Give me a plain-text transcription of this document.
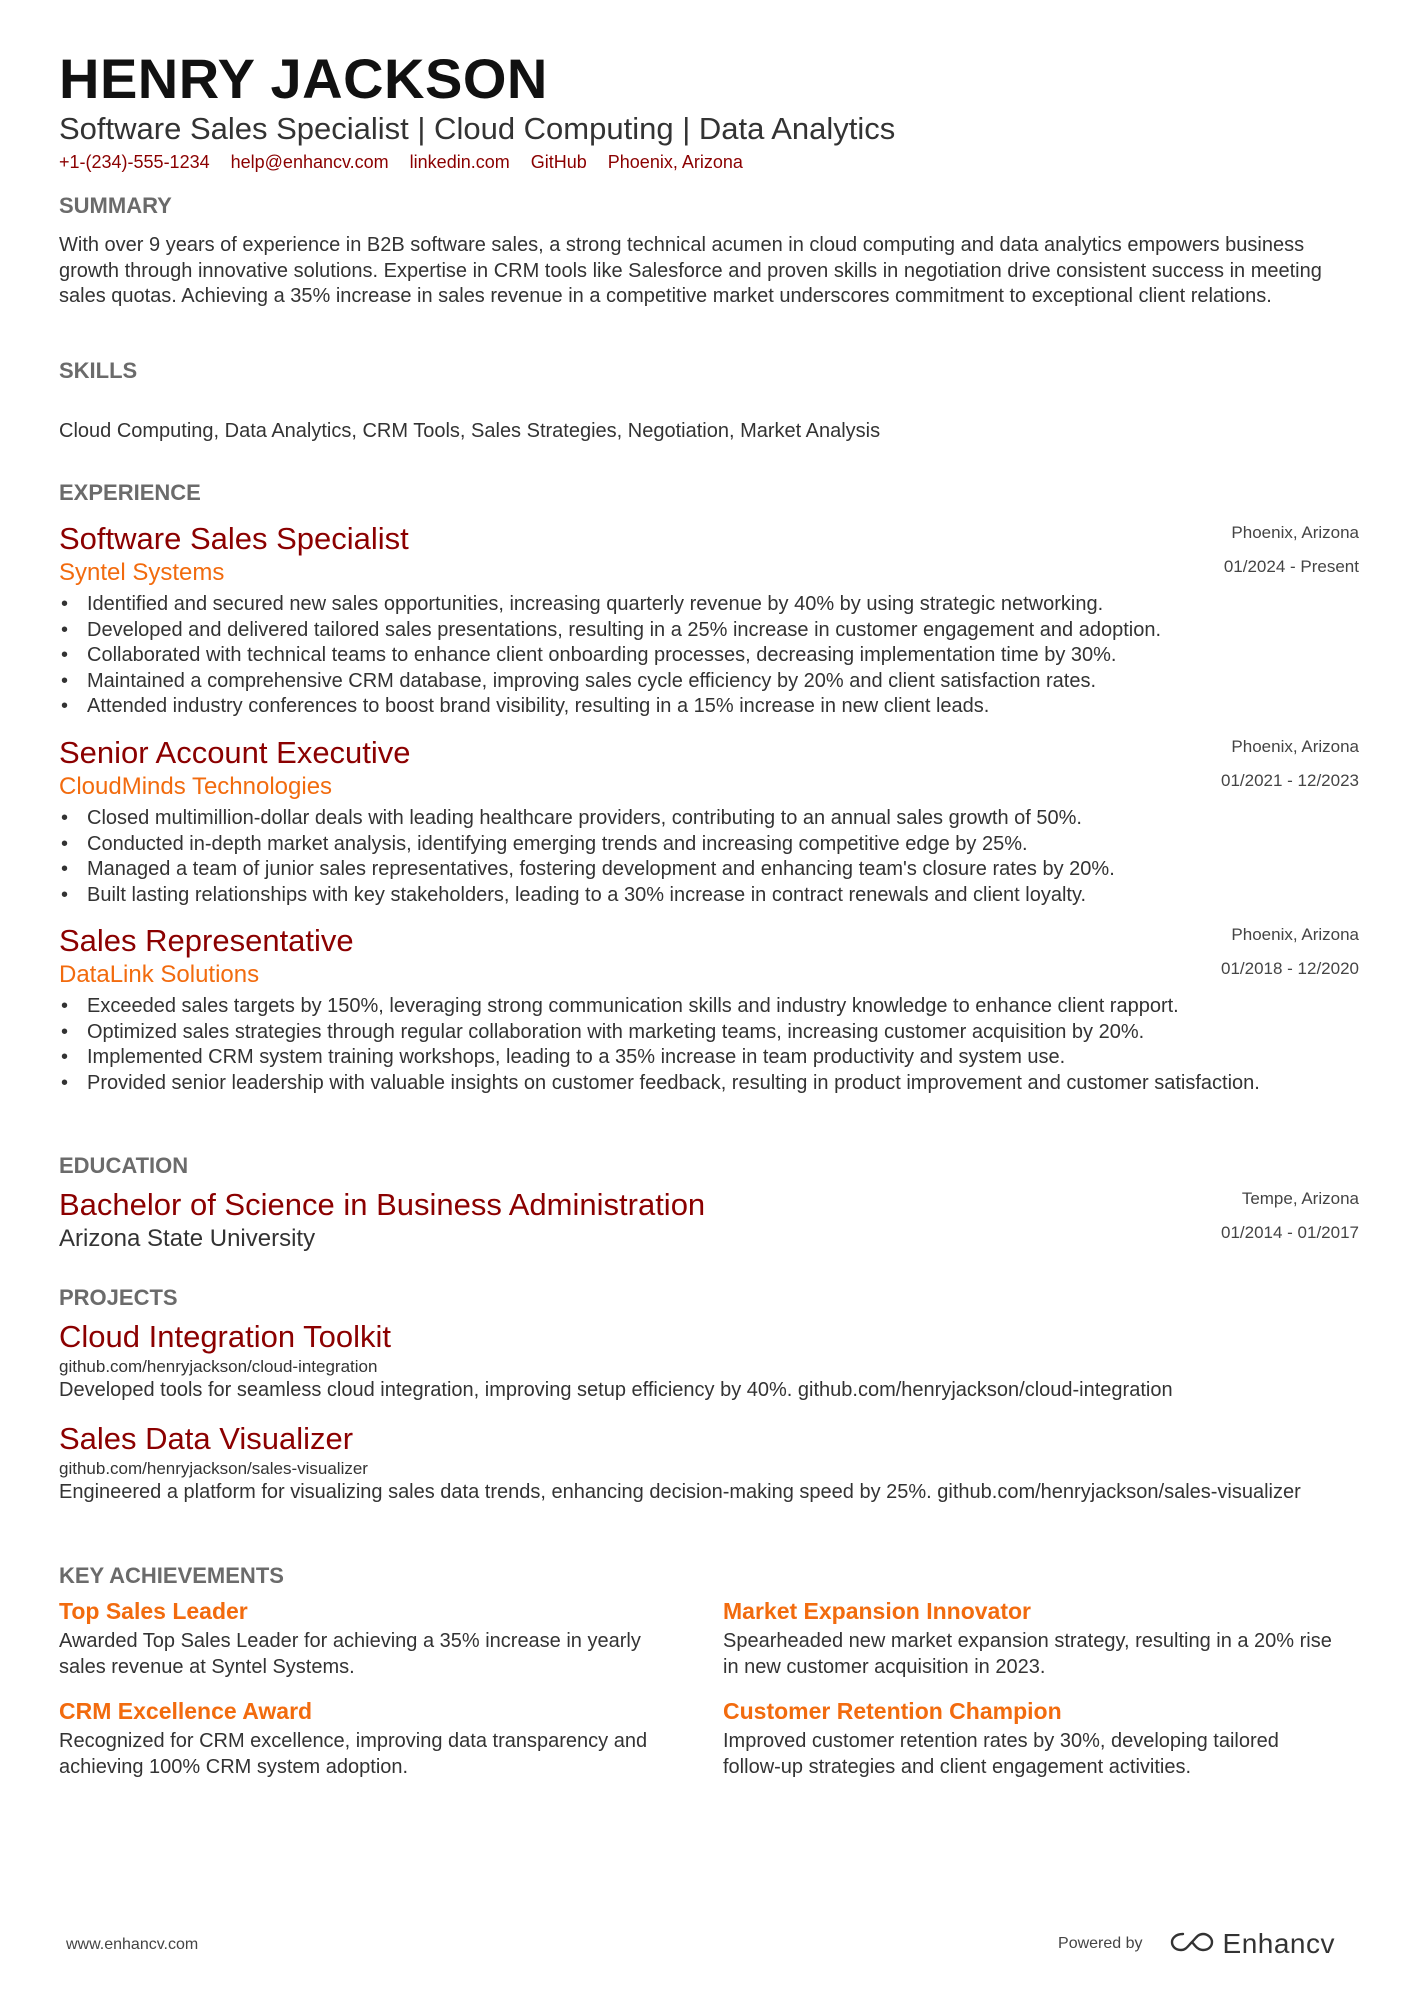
HENRY JACKSON
Software Sales Specialist | Cloud Computing | Data Analytics
+1-(234)-555-1234 help@enhancv.com linkedin.com GitHub Phoenix, Arizona
SUMMARY
With over 9 years of experience in B2B software sales, a strong technical acumen in cloud computing and data analytics empowers business growth through innovative solutions. Expertise in CRM tools like Salesforce and proven skills in negotiation drive consistent success in meeting sales quotas. Achieving a 35% increase in sales revenue in a competitive market underscores commitment to exceptional client relations.
SKILLS
Cloud Computing, Data Analytics, CRM Tools, Sales Strategies, Negotiation, Market Analysis
EXPERIENCE
Phoenix, Arizona
01/2024 - Present
Software Sales Specialist
Syntel Systems
• Identified and secured new sales opportunities, increasing quarterly revenue by 40% by using strategic networking.
• Developed and delivered tailored sales presentations, resulting in a 25% increase in customer engagement and adoption.
• Collaborated with technical teams to enhance client onboarding processes, decreasing implementation time by 30%.
• Maintained a comprehensive CRM database, improving sales cycle efficiency by 20% and client satisfaction rates.
• Attended industry conferences to boost brand visibility, resulting in a 15% increase in new client leads.
Phoenix, Arizona
01/2021 - 12/2023
Senior Account Executive
CloudMinds Technologies
• Closed multimillion-dollar deals with leading healthcare providers, contributing to an annual sales growth of 50%.
• Conducted in-depth market analysis, identifying emerging trends and increasing competitive edge by 25%.
• Managed a team of junior sales representatives, fostering development and enhancing team's closure rates by 20%.
• Built lasting relationships with key stakeholders, leading to a 30% increase in contract renewals and client loyalty.
Phoenix, Arizona
01/2018 - 12/2020
Sales Representative
DataLink Solutions
• Exceeded sales targets by 150%, leveraging strong communication skills and industry knowledge to enhance client rapport.
• Optimized sales strategies through regular collaboration with marketing teams, increasing customer acquisition by 20%.
• Implemented CRM system training workshops, leading to a 35% increase in team productivity and system use.
• Provided senior leadership with valuable insights on customer feedback, resulting in product improvement and customer satisfaction.
EDUCATION
Tempe, Arizona
01/2014 - 01/2017
Bachelor of Science in Business Administration
Arizona State University
PROJECTS
Cloud Integration Toolkit
github.com/henryjackson/cloud-integration
Developed tools for seamless cloud integration, improving setup efficiency by 40%. github.com/henryjackson/cloud-integration
Sales Data Visualizer
github.com/henryjackson/sales-visualizer
Engineered a platform for visualizing sales data trends, enhancing decision-making speed by 25%. github.com/henryjackson/sales-visualizer
KEY ACHIEVEMENTS
Top Sales Leader
Awarded Top Sales Leader for achieving a 35% increase in yearly sales revenue at Syntel Systems.
Market Expansion Innovator
Spearheaded new market expansion strategy, resulting in a 20% rise in new customer acquisition in 2023.
CRM Excellence Award
Recognized for CRM excellence, improving data transparency and achieving 100% CRM system adoption.
Customer Retention Champion
Improved customer retention rates by 30%, developing tailored follow-up strategies and client engagement activities.
www.enhancv.com	Powered by	Enhancv
